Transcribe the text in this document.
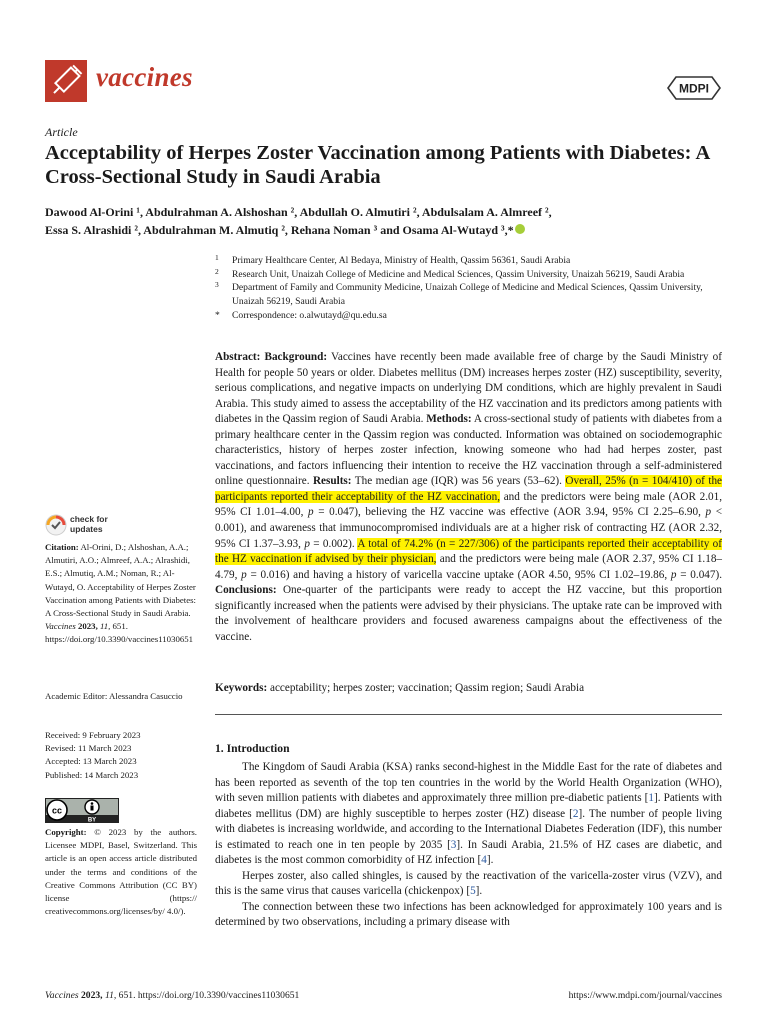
vaccines	MDPI
Article
Acceptability of Herpes Zoster Vaccination among Patients with Diabetes: A Cross-Sectional Study in Saudi Arabia
Dawood Al-Orini ¹, Abdulrahman A. Alshoshan ², Abdullah O. Almutiri ², Abdulsalam A. Almreef ²,
Essa S. Alrashidi ², Abdulrahman M. Almutiq ², Rehana Noman ³ and Osama Al-Wutayd ³,*
1 Primary Healthcare Center, Al Bedaya, Ministry of Health, Qassim 56361, Saudi Arabia
2 Research Unit, Unaizah College of Medicine and Medical Sciences, Qassim University, Unaizah 56219, Saudi Arabia
3 Department of Family and Community Medicine, Unaizah College of Medicine and Medical Sciences, Qassim University, Unaizah 56219, Saudi Arabia
* Correspondence: o.alwutayd@qu.edu.sa
Abstract: Background: Vaccines have recently been made available free of charge by the Saudi Ministry of Health for people 50 years or older. Diabetes mellitus (DM) increases herpes zoster (HZ) susceptibility, severity, serious complications, and negative impacts on underlying DM conditions, which are highly prevalent in Saudi Arabia. This study aimed to assess the acceptability of the HZ vaccination and its predictors among patients with diabetes in the Qassim region of Saudi Arabia. Methods: A cross-sectional study of patients with diabetes from a primary healthcare center in the Qassim region was conducted. Information was obtained on sociodemographic characteristics, history of herpes zoster infection, knowing someone who had had herpes zoster, past vaccinations, and factors influencing their intention to receive the HZ vaccination through a self-administered online questionnaire. Results: The median age (IQR) was 56 years (53–62). Overall, 25% (n = 104/410) of the participants reported their acceptability of the HZ vaccination, and the predictors were being male (AOR 2.01, 95% CI 1.01–4.00, p = 0.047), believing the HZ vaccine was effective (AOR 3.94, 95% CI 2.25–6.90, p < 0.001), and awareness that immunocompromised individuals are at a higher risk of contracting HZ (AOR 2.32, 95% CI 1.37–3.93, p = 0.002). A total of 74.2% (n = 227/306) of the participants reported their acceptability of the HZ vaccination if advised by their physician, and the predictors were being male (AOR 2.37, 95% CI 1.18–4.79, p = 0.016) and having a history of varicella vaccine uptake (AOR 4.50, 95% CI 1.02–19.86, p = 0.047). Conclusions: One-quarter of the participants were ready to accept the HZ vaccine, but this proportion significantly increased when the patients were advised by their physicians. The uptake rate can be improved with the involvement of healthcare providers and focused awareness campaigns about the effectiveness of the vaccine.
Keywords: acceptability; herpes zoster; vaccination; Qassim region; Saudi Arabia
check for
updates
Citation: Al-Orini, D.; Alshoshan, A.A.; Almutiri, A.O.; Almreef, A.A.; Alrashidi, E.S.; Almutiq, A.M.; Noman, R.; Al-Wutayd, O. Acceptability of Herpes Zoster Vaccination among Patients with Diabetes: A Cross-Sectional Study in Saudi Arabia. Vaccines 2023, 11, 651. https://doi.org/10.3390/vaccines11030651
Academic Editor: Alessandra Casuccio
Received: 9 February 2023
Revised: 11 March 2023
Accepted: 13 March 2023
Published: 14 March 2023
cc
BY
Copyright: © 2023 by the authors. Licensee MDPI, Basel, Switzerland. This article is an open access article distributed under the terms and conditions of the Creative Commons Attribution (CC BY) license (https:// creativecommons.org/licenses/by/ 4.0/).
1. Introduction

The Kingdom of Saudi Arabia (KSA) ranks second-highest in the Middle East for the rate of diabetes and has been reported as seventh of the top ten countries in the world by the World Health Organization (WHO), with seven million patients with diabetes and approximately three million pre-diabetic patients [1]. Patients with diabetes mellitus (DM) are highly susceptible to herpes zoster (HZ) disease [2]. The number of people living with diabetes is increasing worldwide, and according to the International Diabetes Federation (IDF), this number is estimated to reach one in ten people by 2035 [3]. In Saudi Arabia, 21.5% of HZ cases are diabetic, and diabetes is the most common comorbidity of HZ infection [4].

Herpes zoster, also called shingles, is caused by the reactivation of the varicella-zoster virus (VZV), and this is the same virus that causes varicella (chickenpox) [5].

The connection between these two infections has been acknowledged for approximately 100 years and is determined by two observations, including a primary disease with

Vaccines 2023, 11, 651. https://doi.org/10.3390/vaccines11030651	https://www.mdpi.com/journal/vaccines
